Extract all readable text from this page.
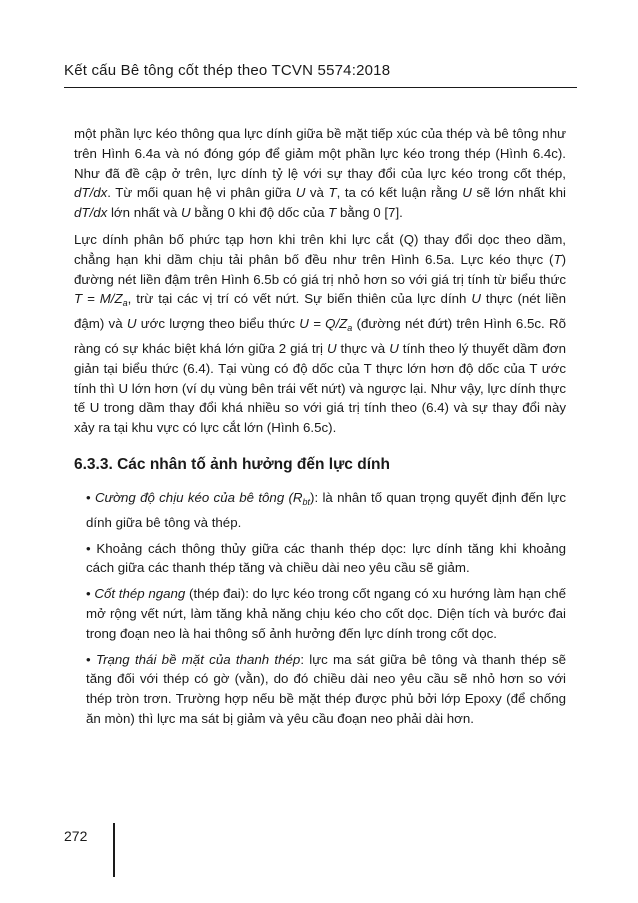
Kết cấu Bê tông cốt thép theo TCVN 5574:2018

một phần lực kéo thông qua lực dính giữa bề mặt tiếp xúc của thép và bê tông như trên Hình 6.4a và nó đóng góp để giảm một phần lực kéo trong thép (Hình 6.4c). Như đã đề cập ở trên, lực dính tỷ lệ với sự thay đổi của lực kéo trong cốt thép, dT/dx. Từ mối quan hệ vi phân giữa U và T, ta có kết luận rằng U sẽ lớn nhất khi dT/dx lớn nhất và U bằng 0 khi độ dốc của T bằng 0 [7].

Lực dính phân bố phức tạp hơn khi trên khi lực cắt (Q) thay đổi dọc theo dầm, chẳng hạn khi dầm chịu tải phân bố đều như trên Hình 6.5a. Lực kéo thực (T) đường nét liền đậm trên Hình 6.5b có giá trị nhỏ hơn so với giá trị tính từ biểu thức $T = M/Z_a$, trừ tại các vị trí có vết nứt. Sự biến thiên của lực dính U thực (nét liền đậm) và U ước lượng theo biểu thức $U = Q/Z_a$ (đường nét đứt) trên Hình 6.5c. Rõ ràng có sự khác biệt khá lớn giữa 2 giá trị U thực và U tính theo lý thuyết dầm đơn giản tại biểu thức (6.4). Tại vùng có độ dốc của T thực lớn hơn độ dốc của T ước tính thì U lớn hơn (ví dụ vùng bên trái vết nứt) và ngược lại. Như vậy, lực dính thực tế U trong dầm thay đổi khá nhiều so với giá trị tính theo (6.4) và sự thay đổi này xảy ra tại khu vực có lực cắt lớn (Hình 6.5c).

6.3.3. Các nhân tố ảnh hưởng đến lực dính

• Cường độ chịu kéo của bê tông $(R_{bt})$: là nhân tố quan trọng quyết định đến lực dính giữa bê tông và thép.

• Khoảng cách thông thủy giữa các thanh thép dọc: lực dính tăng khi khoảng cách giữa các thanh thép tăng và chiều dài neo yêu cầu sẽ giảm.

• Cốt thép ngang (thép đai): do lực kéo trong cốt ngang có xu hướng làm hạn chế mở rộng vết nứt, làm tăng khả năng chịu kéo cho cốt dọc. Diện tích và bước đai trong đoạn neo là hai thông số ảnh hưởng đến lực dính trong cốt dọc.

• Trạng thái bề mặt của thanh thép: lực ma sát giữa bê tông và thanh thép sẽ tăng đối với thép có gờ (vằn), do đó chiều dài neo yêu cầu sẽ nhỏ hơn so với thép tròn trơn. Trường hợp nếu bề mặt thép được phủ bởi lớp Epoxy (để chống ăn mòn) thì lực ma sát bị giảm và yêu cầu đoạn neo phải dài hơn.

272
